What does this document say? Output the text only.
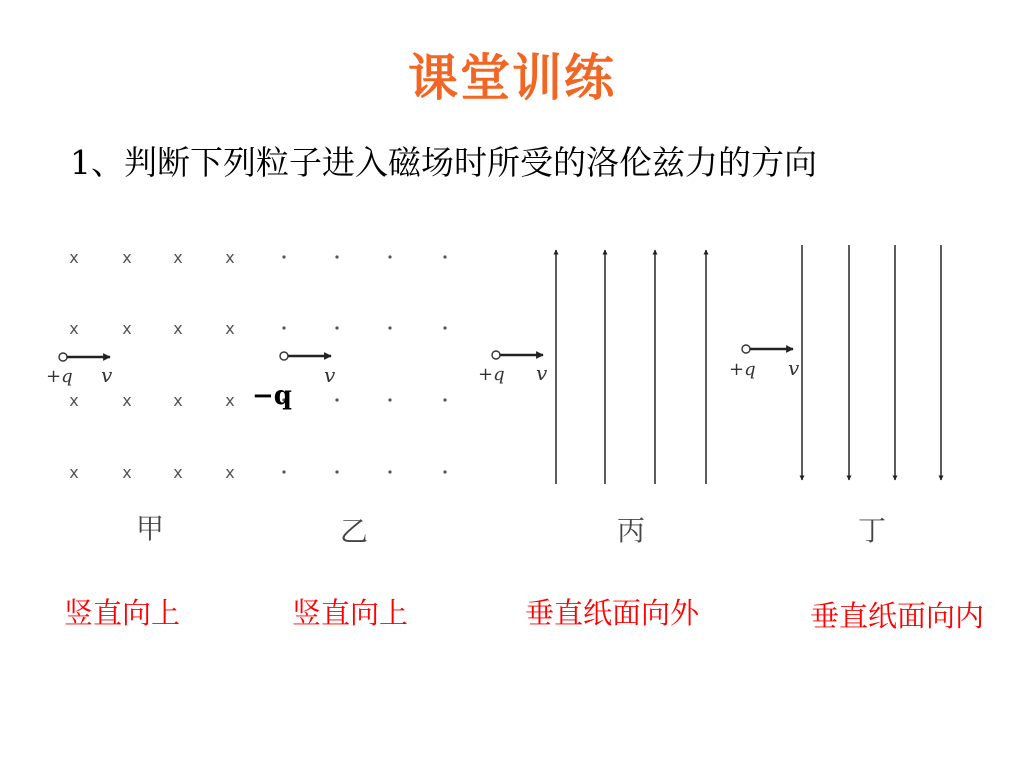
课堂训练
1、判断下列粒子进入磁场时所受的洛伦兹力的方向
x
x
x
x
x
x
x
x
x
x
x
x
x
x
x
x
+q v
−q
v	+q v	+q v
甲	乙	丙	丁
竖直向上	竖直向上	垂直纸面向外	垂直纸面向内
